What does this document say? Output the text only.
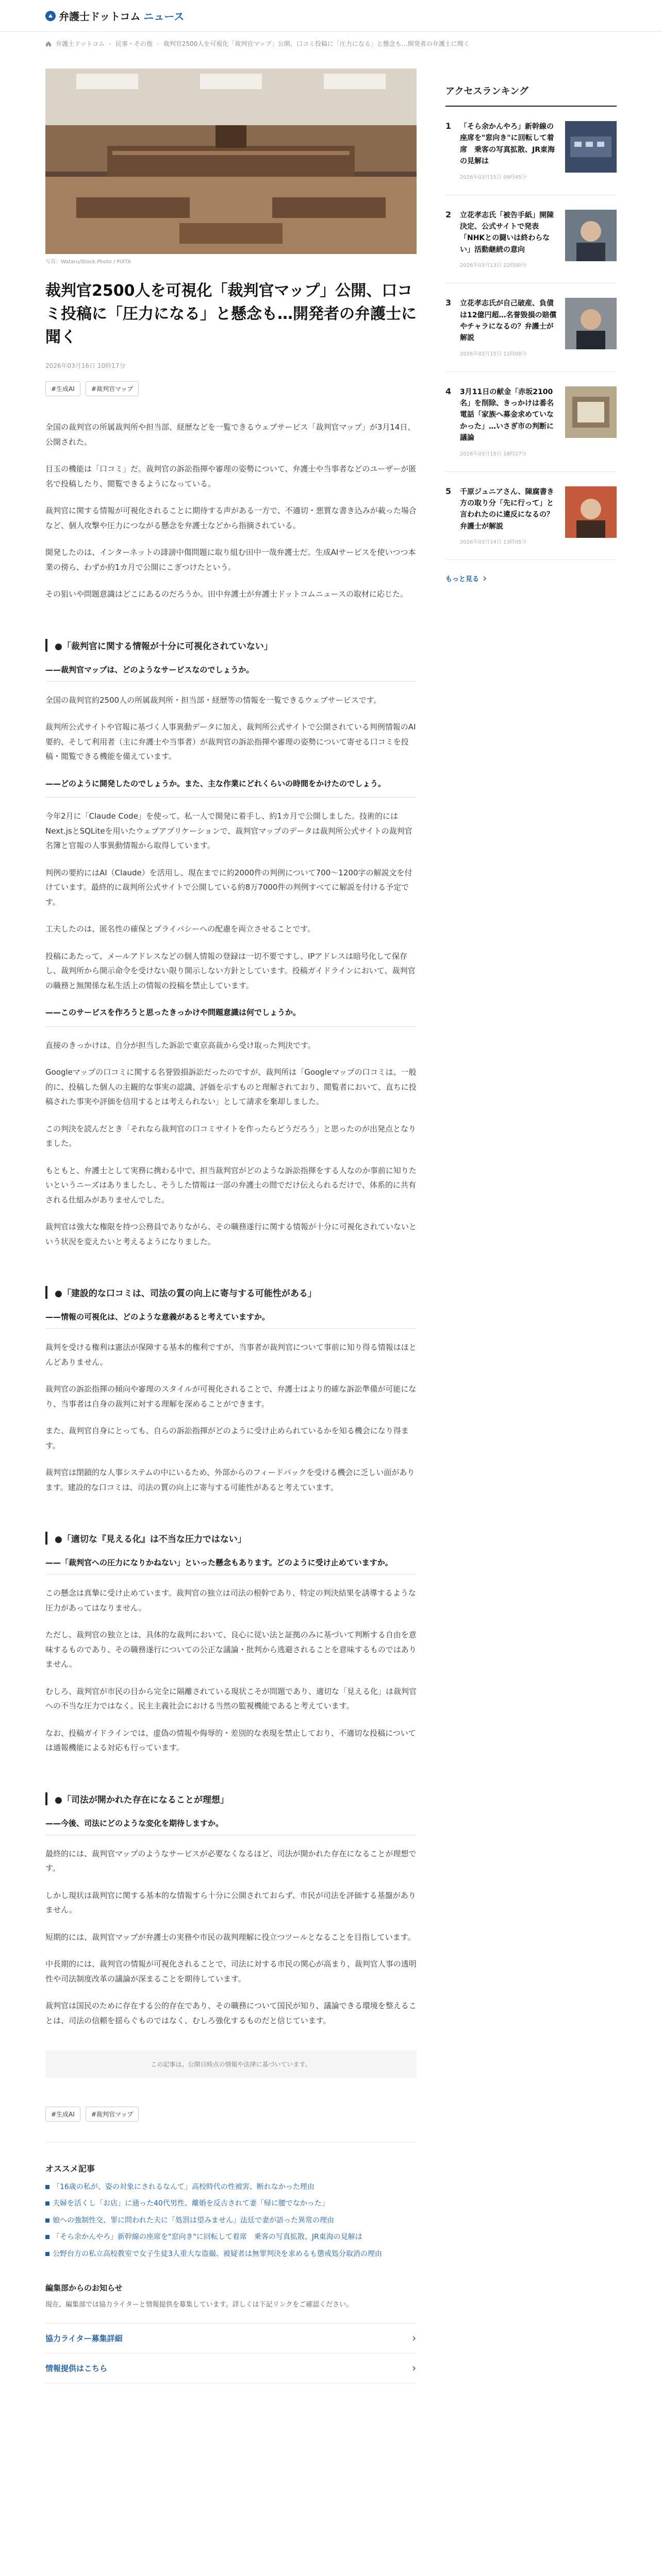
弁護士ドットコム ニュース
弁護士ドットコム › 民事・その他 › 裁判官2500人を可視化「裁判官マップ」公開、口コミ投稿に「圧力になる」と懸念も…開発者の弁護士に聞く
写真：Wataru/Stock.Photo / PIXTA
裁判官2500人を可視化「裁判官マップ」公開、口コミ投稿に「圧力になる」と懸念も…開発者の弁護士に聞く
2026年03月16日 10時17分
#生成AI	#裁判官マップ

全国の裁判官の所属裁判所や担当部、経歴などを一覧できるウェブサービス「裁判官マップ」が3月14日、公開された。

目玉の機能は「口コミ」だ。裁判官の訴訟指揮や審理の姿勢について、弁護士や当事者などのユーザーが匿名で投稿したり、閲覧できるようになっている。

裁判官に関する情報が可視化されることに期待する声がある一方で、不適切・悪質な書き込みが載った場合など、個人攻撃や圧力につながる懸念を弁護士などから指摘されている。

開発したのは、インターネットの誹謗中傷問題に取り組む田中一哉弁護士だ。生成AIサービスを使いつつ本業の傍ら、わずか約1カ月で公開にこぎつけたという。

その狙いや問題意識はどこにあるのだろうか。田中弁護士が弁護士ドットコムニュースの取材に応じた。

●「裁判官に関する情報が十分に可視化されていない」
——裁判官マップは、どのようなサービスなのでしょうか。

全国の裁判官約2500人の所属裁判所・担当部・経歴等の情報を一覧できるウェブサービスです。

裁判所公式サイトや官報に基づく人事異動データに加え、裁判所公式サイトで公開されている判例情報のAI要約、そして利用者（主に弁護士や当事者）が裁判官の訴訟指揮や審理の姿勢について寄せる口コミを投稿・閲覧できる機能を備えています。

——どのように開発したのでしょうか。また、主な作業にどれくらいの時間をかけたのでしょう。

今年2月に「Claude Code」を使って、私一人で開発に着手し、約1カ月で公開しました。技術的にはNext.jsとSQLiteを用いたウェブアプリケーションで、裁判官マップのデータは裁判所公式サイトの裁判官名簿と官報の人事異動情報から取得しています。

判例の要約にはAI（Claude）を活用し、現在までに約2000件の判例について700〜1200字の解説文を付けています。最終的に裁判所公式サイトで公開している約8万7000件の判例すべてに解説を付ける予定です。

工夫したのは、匿名性の確保とプライバシーへの配慮を両立させることです。

投稿にあたって、メールアドレスなどの個人情報の登録は一切不要ですし、IPアドレスは暗号化して保存し、裁判所から開示命令を受けない限り開示しない方針としています。投稿ガイドラインにおいて、裁判官の職務と無関係な私生活上の情報の投稿を禁止しています。

——このサービスを作ろうと思ったきっかけや問題意識は何でしょうか。

直接のきっかけは、自分が担当した訴訟で東京高裁から受け取った判決です。

Googleマップの口コミに関する名誉毀損訴訟だったのですが、裁判所は「Googleマップの口コミは、一般的に、投稿した個人の主観的な事実の認識、評価を示すものと理解されており、閲覧者において、直ちに投稿された事実や評価を信用するとは考えられない」として請求を棄却しました。

この判決を読んだとき「それなら裁判官の口コミサイトを作ったらどうだろう」と思ったのが出発点となりました。

もともと、弁護士として実務に携わる中で、担当裁判官がどのような訴訟指揮をする人なのか事前に知りたいというニーズはありましたし、そうした情報は一部の弁護士の間でだけ伝えられるだけで、体系的に共有される仕組みがありませんでした。

裁判官は強大な権限を持つ公務員でありながら、その職務遂行に関する情報が十分に可視化されていないという状況を変えたいと考えるようになりました。

●「建設的な口コミは、司法の質の向上に寄与する可能性がある」
——情報の可視化は、どのような意義があると考えていますか。

裁判を受ける権利は憲法が保障する基本的権利ですが、当事者が裁判官について事前に知り得る情報はほとんどありません。

裁判官の訴訟指揮の傾向や審理のスタイルが可視化されることで、弁護士はより的確な訴訟準備が可能になり、当事者は自身の裁判に対する理解を深めることができます。

また、裁判官自身にとっても、自らの訴訟指揮がどのように受け止められているかを知る機会になり得ます。

裁判官は閉鎖的な人事システムの中にいるため、外部からのフィードバックを受ける機会に乏しい面があります。建設的な口コミは、司法の質の向上に寄与する可能性があると考えています。

●「適切な『見える化』は不当な圧力ではない」
——「裁判官への圧力になりかねない」といった懸念もあります。どのように受け止めていますか。

この懸念は真摯に受け止めています。裁判官の独立は司法の根幹であり、特定の判決結果を誘導するような圧力があってはなりません。

ただし、裁判官の独立とは、具体的な裁判において、良心に従い法と証拠のみに基づいて判断する自由を意味するものであり、その職務遂行についての公正な議論・批判から逃避されることを意味するものではありません。

むしろ、裁判官が市民の目から完全に隔離されている現状こそが問題であり、適切な「見える化」は裁判官への不当な圧力ではなく、民主主義社会における当然の監視機能であると考えています。

なお、投稿ガイドラインでは、虚偽の情報や侮辱的・差別的な表現を禁止しており、不適切な投稿については通報機能による対応も行っています。

●「司法が開かれた存在になることが理想」
——今後、司法にどのような変化を期待しますか。

最終的には、裁判官マップのようなサービスが必要なくなるほど、司法が開かれた存在になることが理想です。

しかし現状は裁判官に関する基本的な情報すら十分に公開されておらず、市民が司法を評価する基盤がありません。

短期的には、裁判官マップが弁護士の実務や市民の裁判理解に役立つツールとなることを目指しています。

中長期的には、裁判官の情報が可視化されることで、司法に対する市民の関心が高まり、裁判官人事の透明性や司法制度改革の議論が深まることを期待しています。

裁判官は国民のために存在する公的存在であり、その職務について国民が知り、議論できる環境を整えることは、司法の信頼を揺らぐものではなく、むしろ強化するものだと信じています。

この記事は、公開日時点の情報や法律に基づいています。
#生成AI	#裁判官マップ
オススメ記事
「16歳の私が、姿の対象にされるなんて」高校時代の性被害、断れなかった理由
夫婦を活くし「お店」に通った40代男性、離婚を反古されて妻「帰に腰でなかった」
娘への強制性交、罪に問われた夫に「処罰は望みません」法廷で妻が語った異常の理由
「そら余かんやろ」新幹線の座席を"窓向き"に回転して着席　乗客の写真拡散、JR東海の見解は
公野台方の私立高校教室で女子生徒3人重大な盗撮、被疑者は無罪判決を求めるも懲戒処分取消の理由
編集部からのお知らせ

現在、編集部では協力ライターと情報提供を募集しています。詳しくは下記リンクをご確認ください。

協力ライター募集詳細
情報提供はこちら
アクセスランキング
1 「そら余かんやろ」新幹線の座席を"窓向き"に回転して着席　乗客の写真拡散、JR東海の見解は
2026年03月15日 09時45分
2 立花孝志氏「被告手紙」開陳決定、公式サイトで発表「NHKとの闘いは終わらない」活動継続の意向
2026年03月13日 22時00分
3 立花孝志氏が自己破産、負債は12億円超…名誉毀損の賠償やチャラになるの？弁護士が解説
2026年03月15日 11時08分
4 3月11日の献金「赤坂2100名」を削除、きっかけは番名電話「家族へ募金求めていなかった」…いさぎ市の判断に議論
2026年03月15日 18時27分
5 千原ジュニアさん、陳腐書き方の取り分「先に行って」と言われたのに違反になるの？弁護士が解説
2026年03月14日 13時05分
もっと見る
